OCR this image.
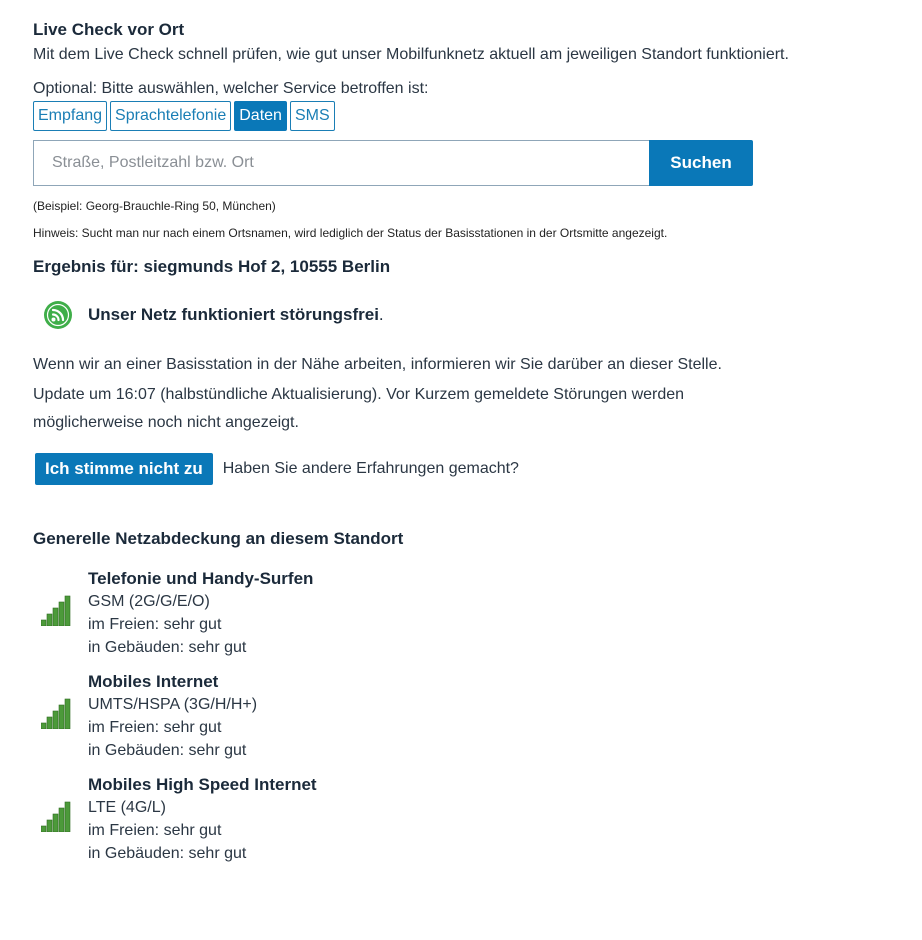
Live Check vor Ort

Mit dem Live Check schnell prüfen, wie gut unser Mobilfunknetz aktuell am jeweiligen Standort funktioniert.

Optional: Bitte auswählen, welcher Service betroffen ist:
Empfang Sprachtelefonie Daten SMS
Straße, Postleitzahl bzw. Ort
Suchen
(Beispiel: Georg-Brauchle-Ring 50, München)
Hinweis: Sucht man nur nach einem Ortsnamen, wird lediglich der Status der Basisstationen in der Ortsmitte angezeigt.
Ergebnis für: siegmunds Hof 2, 10555 Berlin
Unser Netz funktioniert störungsfrei.
Wenn wir an einer Basisstation in der Nähe arbeiten, informieren wir Sie darüber an dieser Stelle.
Update um 16:07 (halbstündliche Aktualisierung). Vor Kurzem gemeldete Störungen werden möglicherweise noch nicht angezeigt.
Ich stimme nicht zu	Haben Sie andere Erfahrungen gemacht?
Generelle Netzabdeckung an diesem Standort
Telefonie und Handy-Surfen
GSM (2G/G/E/O)
im Freien: sehr gut
in Gebäuden: sehr gut
Mobiles Internet
UMTS/HSPA (3G/H/H+)
im Freien: sehr gut
in Gebäuden: sehr gut
Mobiles High Speed Internet
LTE (4G/L)
im Freien: sehr gut
in Gebäuden: sehr gut
